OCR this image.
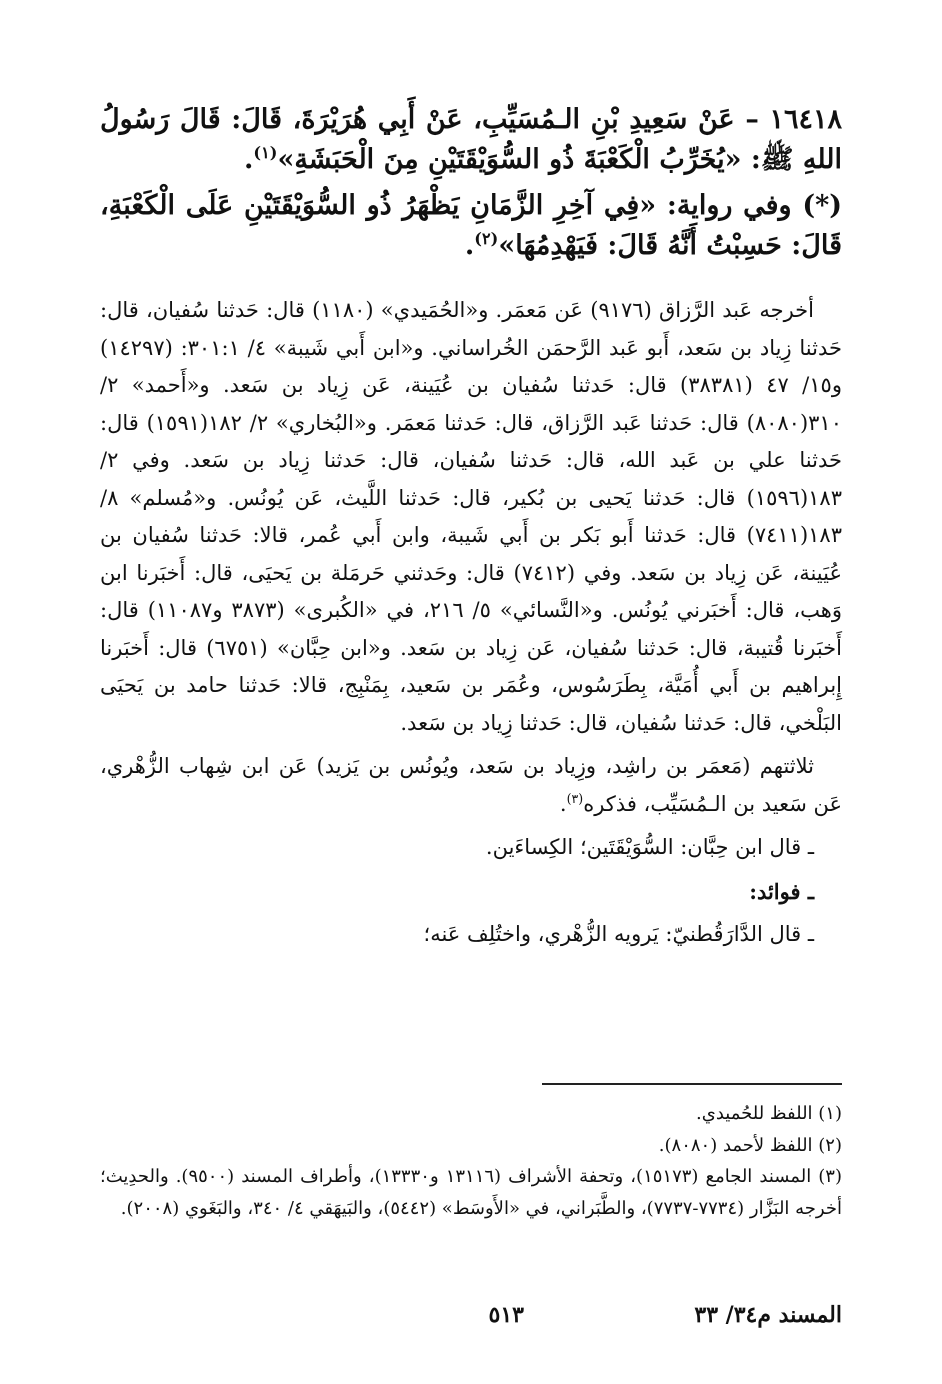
١٦٤١٨ – عَنْ سَعِيدِ بْنِ الـمُسَيِّبِ، عَنْ أَبِي هُرَيْرَةَ، قَالَ: قَالَ رَسُولُ اللهِ ﷺ: «يُخَرِّبُ الْكَعْبَةَ ذُو السُّوَيْقَتَيْنِ مِنَ الْحَبَشَةِ»$^{(١)}$.

(*) وفي رواية: «فِي آخِرِ الزَّمَانِ يَظْهَرُ ذُو السُّوَيْقَتَيْنِ عَلَى الْكَعْبَةِ، قَالَ: حَسِبْتُ أَنَّهُ قَالَ: فَيَهْدِمُهَا»$^{(٢)}$.

أخرجه عَبد الرَّزاق (٩١٧٦) عَن مَعمَر. و«الحُمَيدي» (١١٨٠) قال: حَدثنا سُفيان، قال: حَدثنا زِياد بن سَعد، أَبو عَبد الرَّحمَن الخُراساني. و«ابن أَبي شَيبة» ٤/ ٣٠١:١: (١٤٢٩٧) و١٥/ ٤٧ (٣٨٣٨١) قال: حَدثنا سُفيان بن عُيَينة، عَن زِياد بن سَعد. و«أَحمد» ٢/ ٣١٠(٨٠٨٠) قال: حَدثنا عَبد الرَّزاق، قال: حَدثنا مَعمَر. و«البُخاري» ٢/ ١٨٢(١٥٩١) قال: حَدثنا علي بن عَبد الله، قال: حَدثنا سُفيان، قال: حَدثنا زِياد بن سَعد. وفي ٢/ ١٨٣(١٥٩٦) قال: حَدثنا يَحيى بن بُكير، قال: حَدثنا اللَّيث، عَن يُونُس. و«مُسلم» ٨/ ١٨٣(٧٤١١) قال: حَدثنا أَبو بَكر بن أَبي شَيبة، وابن أَبي عُمر، قالا: حَدثنا سُفيان بن عُيَينة، عَن زِياد بن سَعد. وفي (٧٤١٢) قال: وحَدثني حَرمَلة بن يَحيَى، قال: أَخبَرنا ابن وَهب، قال: أَخبَرني يُونُس. و«النَّسائي» ٥/ ٢١٦، في «الكُبرى» (٣٨٧٣ و١١٠٨٧) قال: أَخبَرنا قُتيبة، قال: حَدثنا سُفيان، عَن زِياد بن سَعد. و«ابن حِبَّان» (٦٧٥١) قال: أَخبَرنا إِبراهيم بن أَبي أُمَيَّة، بِطَرَسُوس، وعُمَر بن سَعيد، بِمَنْبِج، قالا: حَدثنا حامد بن يَحيَى البَلْخي، قال: حَدثنا سُفيان، قال: حَدثنا زِياد بن سَعد.

ثلاثتهم (مَعمَر بن راشِد، وزِياد بن سَعد، ويُونُس بن يَزيد) عَن ابن شِهاب الزُّهْري، عَن سَعيد بن الـمُسَيِّب، فذكره$^{(٣)}$.

ـ قال ابن حِبَّان: السُّوَيْقَتَين؛ الكِساءَين.

ـ فوائد:

ـ قال الدَّارَقُطنيّ: يَرويه الزُّهْري، واختُلِف عَنه؛

(١) اللفظ للحُميدي.

(٢) اللفظ لأحمد (٨٠٨٠).

(٣) المسند الجامع (١٥١٧٣)، وتحفة الأشراف (١٣١١٦ و١٣٣٣٠)، وأطراف المسند (٩٥٠٠). والحدِيث؛ أخرجه البَزَّار (٧٧٣٤-٧٧٣٧)، والطَّبَراني، في «الأَوسَط» (٥٤٤٢)، والبَيهَقي ٤/ ٣٤٠، والبَغَوي (٢٠٠٨).

المسند م٣٤/ ٣٣
٥١٣
